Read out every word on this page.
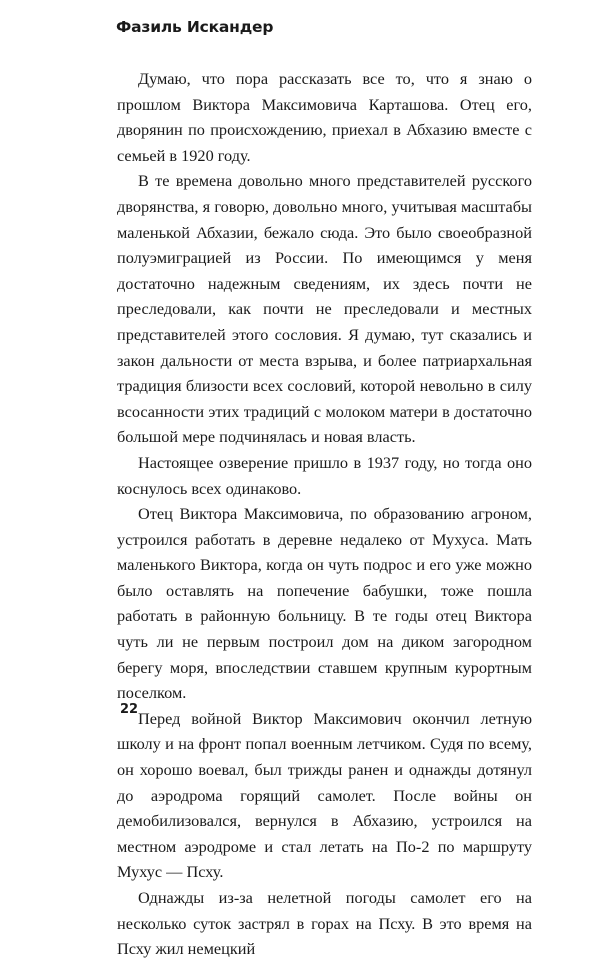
Фазиль Искандер

Думаю, что пора рассказать все то, что я знаю о прошлом Виктора Максимовича Карташова. Отец его, дворянин по происхождению, приехал в Абхазию вместе с семьей в 1920 году.

В те времена довольно много представителей русского дворянства, я говорю, довольно много, учитывая масштабы маленькой Абхазии, бежало сюда. Это было своеобразной полуэмиграцией из России. По имеющимся у меня достаточно надежным сведениям, их здесь почти не преследовали, как почти не преследовали и местных представителей этого сословия. Я думаю, тут сказались и закон дальности от места взрыва, и более патриархальная традиция близости всех сословий, которой невольно в силу всосанности этих традиций с молоком матери в достаточно большой мере подчинялась и новая власть.

Настоящее озверение пришло в 1937 году, но тогда оно коснулось всех одинаково.

Отец Виктора Максимовича, по образованию агроном, устроился работать в деревне недалеко от Мухуса. Мать маленького Виктора, когда он чуть подрос и его уже можно было оставлять на попечение бабушки, тоже пошла работать в районную больницу. В те годы отец Виктора чуть ли не первым построил дом на диком загородном берегу моря, впоследствии ставшем крупным курортным поселком.

Перед войной Виктор Максимович окончил летную школу и на фронт попал военным летчиком. Судя по всему, он хорошо воевал, был трижды ранен и однажды дотянул до аэродрома горящий самолет. После войны он демобилизовался, вернулся в Абхазию, устроился на местном аэродроме и стал летать на По-2 по маршруту Мухус — Псху.

Однажды из-за нелетной погоды самолет его на несколько суток застрял в горах на Псху. В это время на Псху жил немецкий

22
